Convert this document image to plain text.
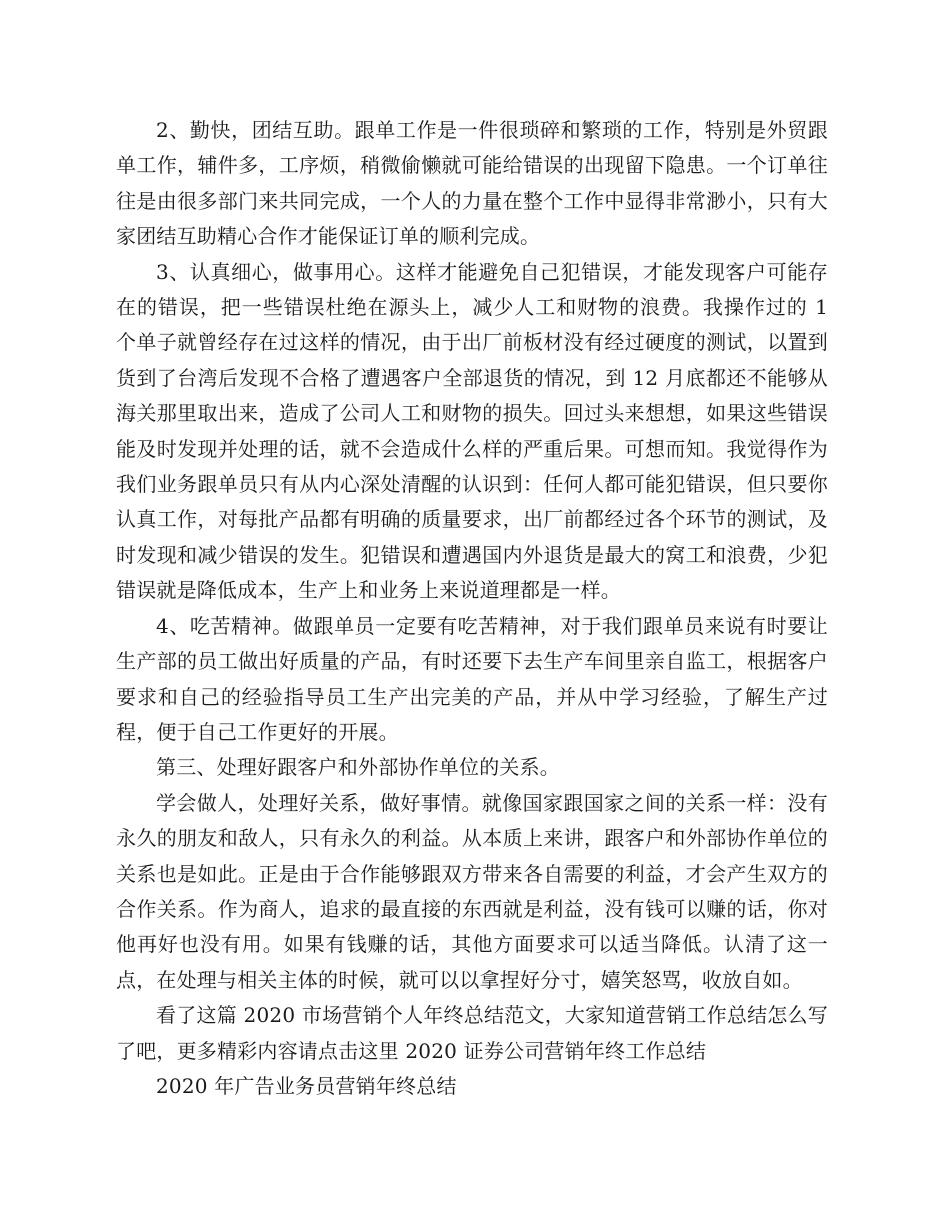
2、勤快，团结互助。跟单工作是一件很琐碎和繁琐的工作，特别是外贸跟单工作，辅件多，工序烦，稍微偷懒就可能给错误的出现留下隐患。一个订单往往是由很多部门来共同完成，一个人的力量在整个工作中显得非常渺小，只有大家团结互助精心合作才能保证订单的顺利完成。

3、认真细心，做事用心。这样才能避免自己犯错误，才能发现客户可能存在的错误，把一些错误杜绝在源头上，减少人工和财物的浪费。我操作过的 1 个单子就曾经存在过这样的情况，由于出厂前板材没有经过硬度的测试，以置到货到了台湾后发现不合格了遭遇客户全部退货的情况，到 12 月底都还不能够从海关那里取出来，造成了公司人工和财物的损失。回过头来想想，如果这些错误能及时发现并处理的话，就不会造成什么样的严重后果。可想而知。我觉得作为我们业务跟单员只有从内心深处清醒的认识到：任何人都可能犯错误，但只要你认真工作，对每批产品都有明确的质量要求，出厂前都经过各个环节的测试，及时发现和减少错误的发生。犯错误和遭遇国内外退货是最大的窝工和浪费，少犯错误就是降低成本，生产上和业务上来说道理都是一样。

4、吃苦精神。做跟单员一定要有吃苦精神，对于我们跟单员来说有时要让生产部的员工做出好质量的产品，有时还要下去生产车间里亲自监工，根据客户要求和自己的经验指导员工生产出完美的产品，并从中学习经验，了解生产过程，便于自己工作更好的开展。

第三、处理好跟客户和外部协作单位的关系。

学会做人，处理好关系，做好事情。就像国家跟国家之间的关系一样：没有永久的朋友和敌人，只有永久的利益。从本质上来讲，跟客户和外部协作单位的关系也是如此。正是由于合作能够跟双方带来各自需要的利益，才会产生双方的合作关系。作为商人，追求的最直接的东西就是利益，没有钱可以赚的话，你对他再好也没有用。如果有钱赚的话，其他方面要求可以适当降低。认清了这一点，在处理与相关主体的时候，就可以以拿捏好分寸，嬉笑怒骂，收放自如。

看了这篇 2020 市场营销个人年终总结范文，大家知道营销工作总结怎么写了吧，更多精彩内容请点击这里 2020 证券公司营销年终工作总结

2020 年广告业务员营销年终总结
